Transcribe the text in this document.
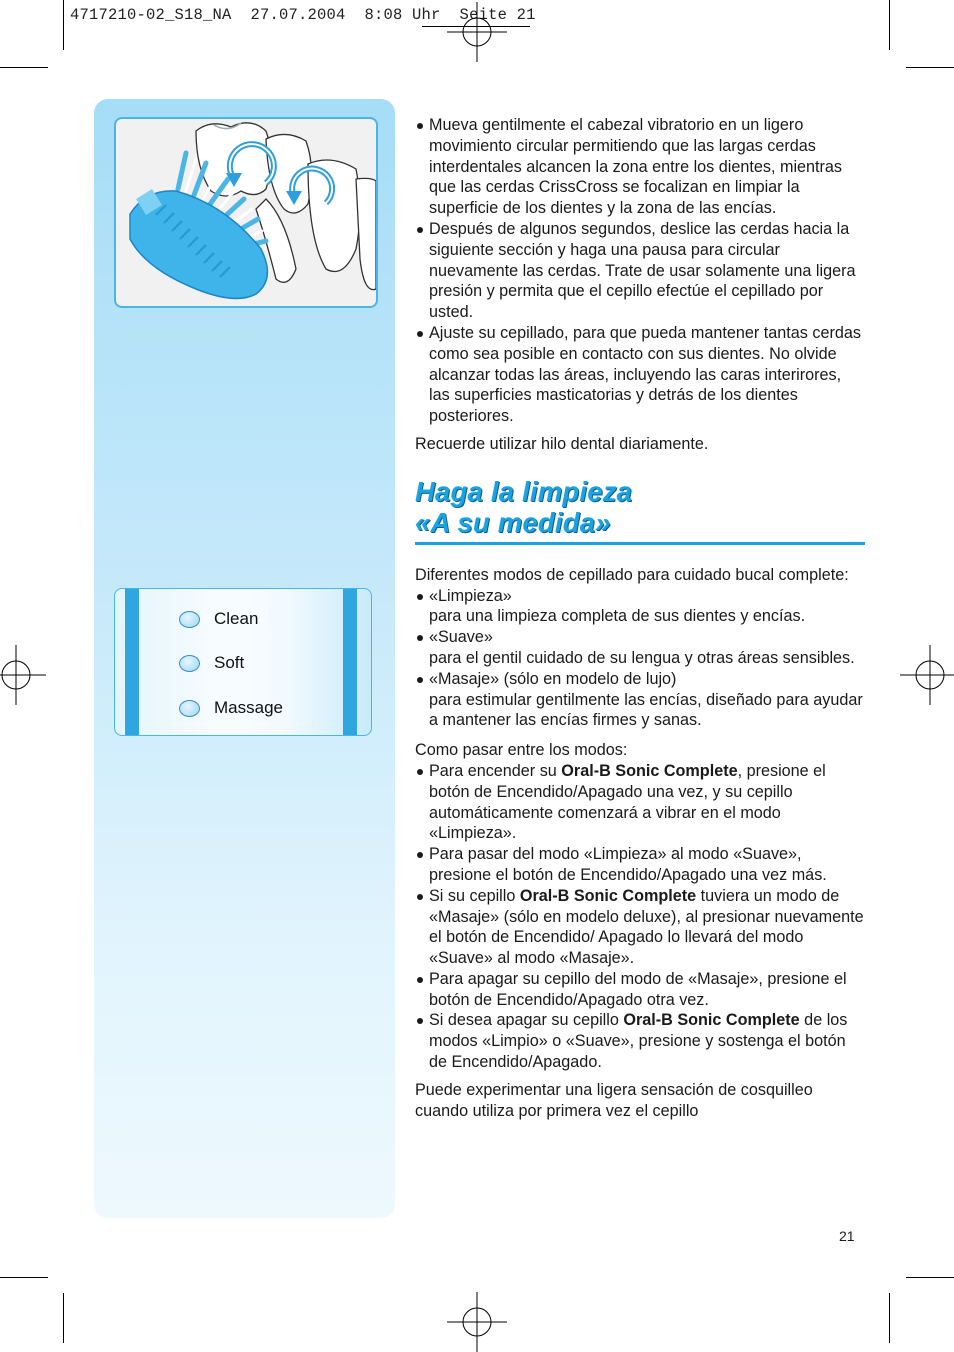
4717210-02_S18_NA  27.07.2004  8:08 Uhr  Seite 21
Clean
Soft
Massage
Mueva gentilmente el cabezal vibratorio en un ligero movimiento circular permitiendo que las largas cerdas interdentales alcancen la zona entre los dientes, mientras que las cerdas CrissCross se focalizan en limpiar la superficie de los dientes y la zona de las encías.
Después de algunos segundos, deslice las cerdas hacia la siguiente sección y haga una pausa para circular nuevamente las cerdas. Trate de usar solamente una ligera presión y permita que el cepillo efectúe el cepillado por usted.
Ajuste su cepillado, para que pueda mantener tantas cerdas como sea posible en contacto con sus dientes. No olvide alcanzar todas las áreas, incluyendo las caras interirores, las superficies masticatorias y detrás de los dientes posteriores.

Recuerde utilizar hilo dental diariamente.

Haga la limpieza
«A su medida»

Diferentes modos de cepillado para cuidado bucal complete:

«Limpieza»
para una limpieza completa de sus dientes y encías.
«Suave»
para el gentil cuidado de su lengua y otras áreas sensibles.
«Masaje» (sólo en modelo de lujo)
para estimular gentilmente las encías, diseñado para ayudar a mantener las encías firmes y sanas.

Como pasar entre los modos:

Para encender su Oral-B Sonic Complete, presione el botón de Encendido/Apagado una vez, y su cepillo automáticamente comenzará a vibrar en el modo «Limpieza».
Para pasar del modo «Limpieza» al modo «Suave», presione el botón de Encendido/Apagado una vez más.
Si su cepillo Oral-B Sonic Complete tuviera un modo de «Masaje» (sólo en modelo deluxe), al presionar nuevamente el botón de Encendido/ Apagado lo llevará del modo «Suave» al modo «Masaje».
Para apagar su cepillo del modo de «Masaje», presione el botón de Encendido/Apagado otra vez.
Si desea apagar su cepillo Oral-B Sonic Complete de los modos «Limpio» o «Suave», presione y sostenga el botón de Encendido/Apagado.

Puede experimentar una ligera sensación de cosquilleo cuando utiliza por primera vez el cepillo

21
